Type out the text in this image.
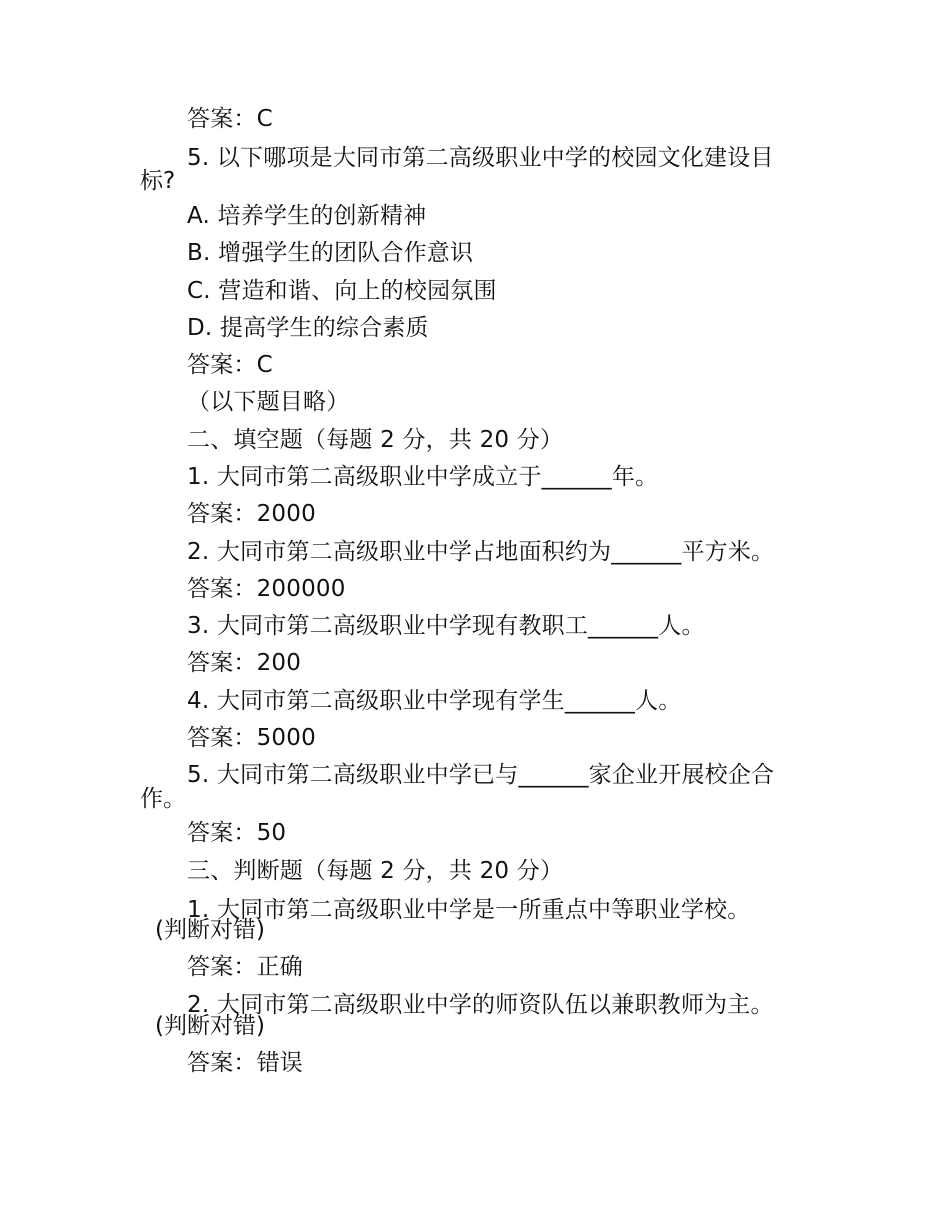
答案：C
5. 以下哪项是大同市第二高级职业中学的校园文化建设目
标?
A. 培养学生的创新精神
B. 增强学生的团队合作意识
C. 营造和谐、向上的校园氛围
D. 提高学生的综合素质
答案：C
（以下题目略）
二、填空题（每题 2 分，共 20 分）
1. 大同市第二高级职业中学成立于______年。
答案：2000
2. 大同市第二高级职业中学占地面积约为______平方米。
答案：200000
3. 大同市第二高级职业中学现有教职工______人。
答案：200
4. 大同市第二高级职业中学现有学生______人。
答案：5000
5. 大同市第二高级职业中学已与______家企业开展校企合
作。
答案：50
三、判断题（每题 2 分，共 20 分）
1. 大同市第二高级职业中学是一所重点中等职业学校。
(判断对错)
答案：正确
2. 大同市第二高级职业中学的师资队伍以兼职教师为主。
(判断对错)
答案：错误
